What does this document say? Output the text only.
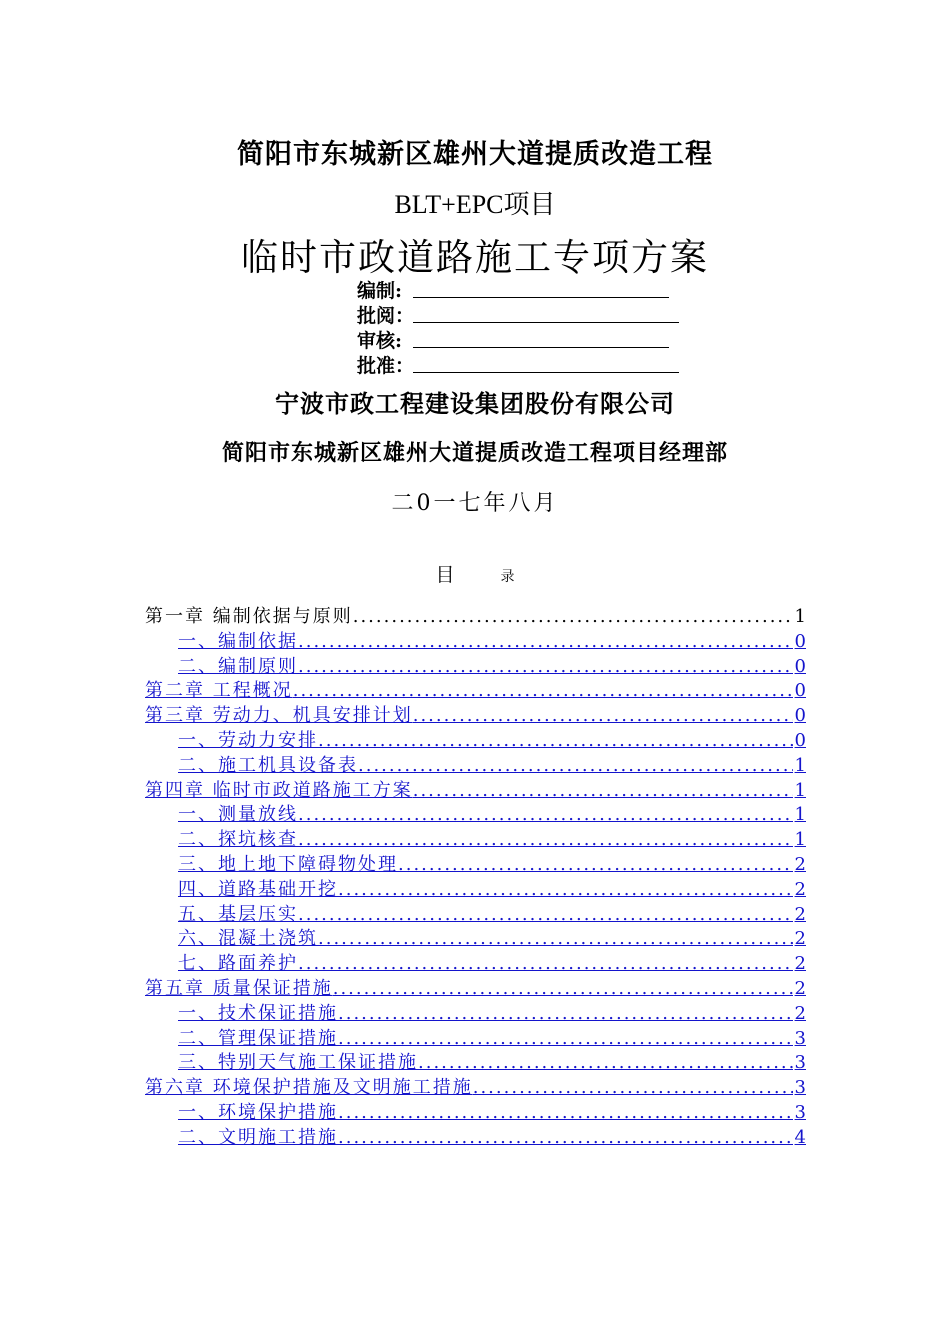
简阳市东城新区雄州大道提质改造工程
BLT+EPC项目
临时市政道路施工专项方案
编制:
批阅：
审核:
批准：
宁波市政工程建设集团股份有限公司
简阳市东城新区雄州大道提质改造工程项目经理部
二0一七年八月
目	录
第一章 编制依据与原则 .....	1
一、编制依据 .....	0
二、编制原则 .....	0
第二章 工程概况 .....	0
第三章 劳动力、机具安排计划 .....	0
一、劳动力安排 .....	0
二、施工机具设备表 .....	1
第四章 临时市政道路施工方案 .....	1
一、测量放线 .....	1
二、探坑核查 .....	1
三、地上地下障碍物处理 .....	2
四、道路基础开挖 .....	2
五、基层压实 .....	2
六、混凝土浇筑 .....	2
七、路面养护 .....	2
第五章 质量保证措施 .....	2
一、技术保证措施 .....	2
二、管理保证措施 .....	3
三、特别天气施工保证措施 .....	3
第六章 环境保护措施及文明施工措施 .....	3
一、环境保护措施 .....	3
二、文明施工措施 .....	4
